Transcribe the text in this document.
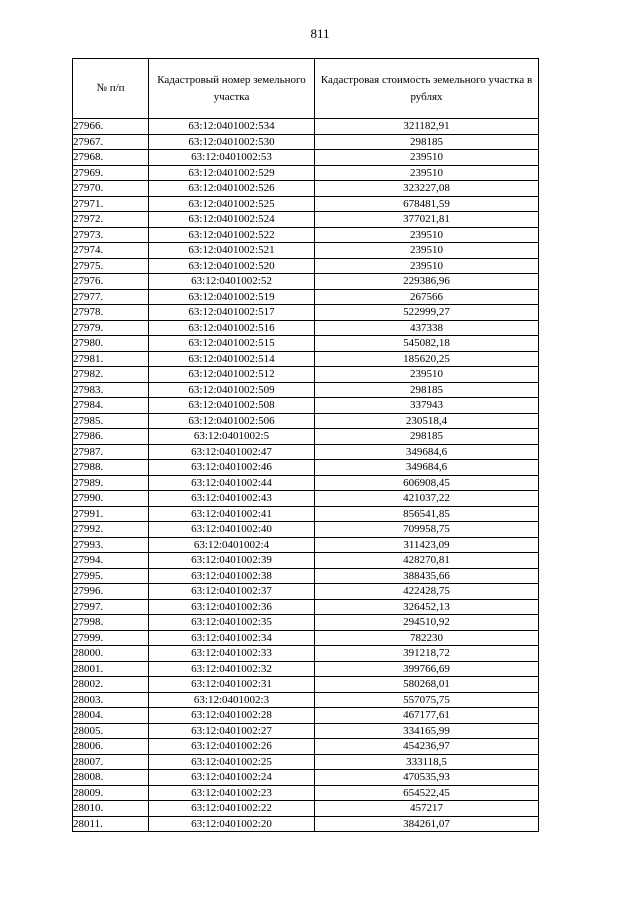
811
№ п/п	Кадастровый номер земельного участка	Кадастровая стоимость земельного участка в рублях
27966.	63:12:0401002:534	321182,91
27967.	63:12:0401002:530	298185
27968.	63:12:0401002:53	239510
27969.	63:12:0401002:529	239510
27970.	63:12:0401002:526	323227,08
27971.	63:12:0401002:525	678481,59
27972.	63:12:0401002:524	377021,81
27973.	63:12:0401002:522	239510
27974.	63:12:0401002:521	239510
27975.	63:12:0401002:520	239510
27976.	63:12:0401002:52	229386,96
27977.	63:12:0401002:519	267566
27978.	63:12:0401002:517	522999,27
27979.	63:12:0401002:516	437338
27980.	63:12:0401002:515	545082,18
27981.	63:12:0401002:514	185620,25
27982.	63:12:0401002:512	239510
27983.	63:12:0401002:509	298185
27984.	63:12:0401002:508	337943
27985.	63:12:0401002:506	230518,4
27986.	63:12:0401002:5	298185
27987.	63:12:0401002:47	349684,6
27988.	63:12:0401002:46	349684,6
27989.	63:12:0401002:44	606908,45
27990.	63:12:0401002:43	421037,22
27991.	63:12:0401002:41	856541,85
27992.	63:12:0401002:40	709958,75
27993.	63:12:0401002:4	311423,09
27994.	63:12:0401002:39	428270,81
27995.	63:12:0401002:38	388435,66
27996.	63:12:0401002:37	422428,75
27997.	63:12:0401002:36	326452,13
27998.	63:12:0401002:35	294510,92
27999.	63:12:0401002:34	782230
28000.	63:12:0401002:33	391218,72
28001.	63:12:0401002:32	399766,69
28002.	63:12:0401002:31	580268,01
28003.	63:12:0401002:3	557075,75
28004.	63:12:0401002:28	467177,61
28005.	63:12:0401002:27	334165,99
28006.	63:12:0401002:26	454236,97
28007.	63:12:0401002:25	333118,5
28008.	63:12:0401002:24	470535,93
28009.	63:12:0401002:23	654522,45
28010.	63:12:0401002:22	457217
28011.	63:12:0401002:20	384261,07
